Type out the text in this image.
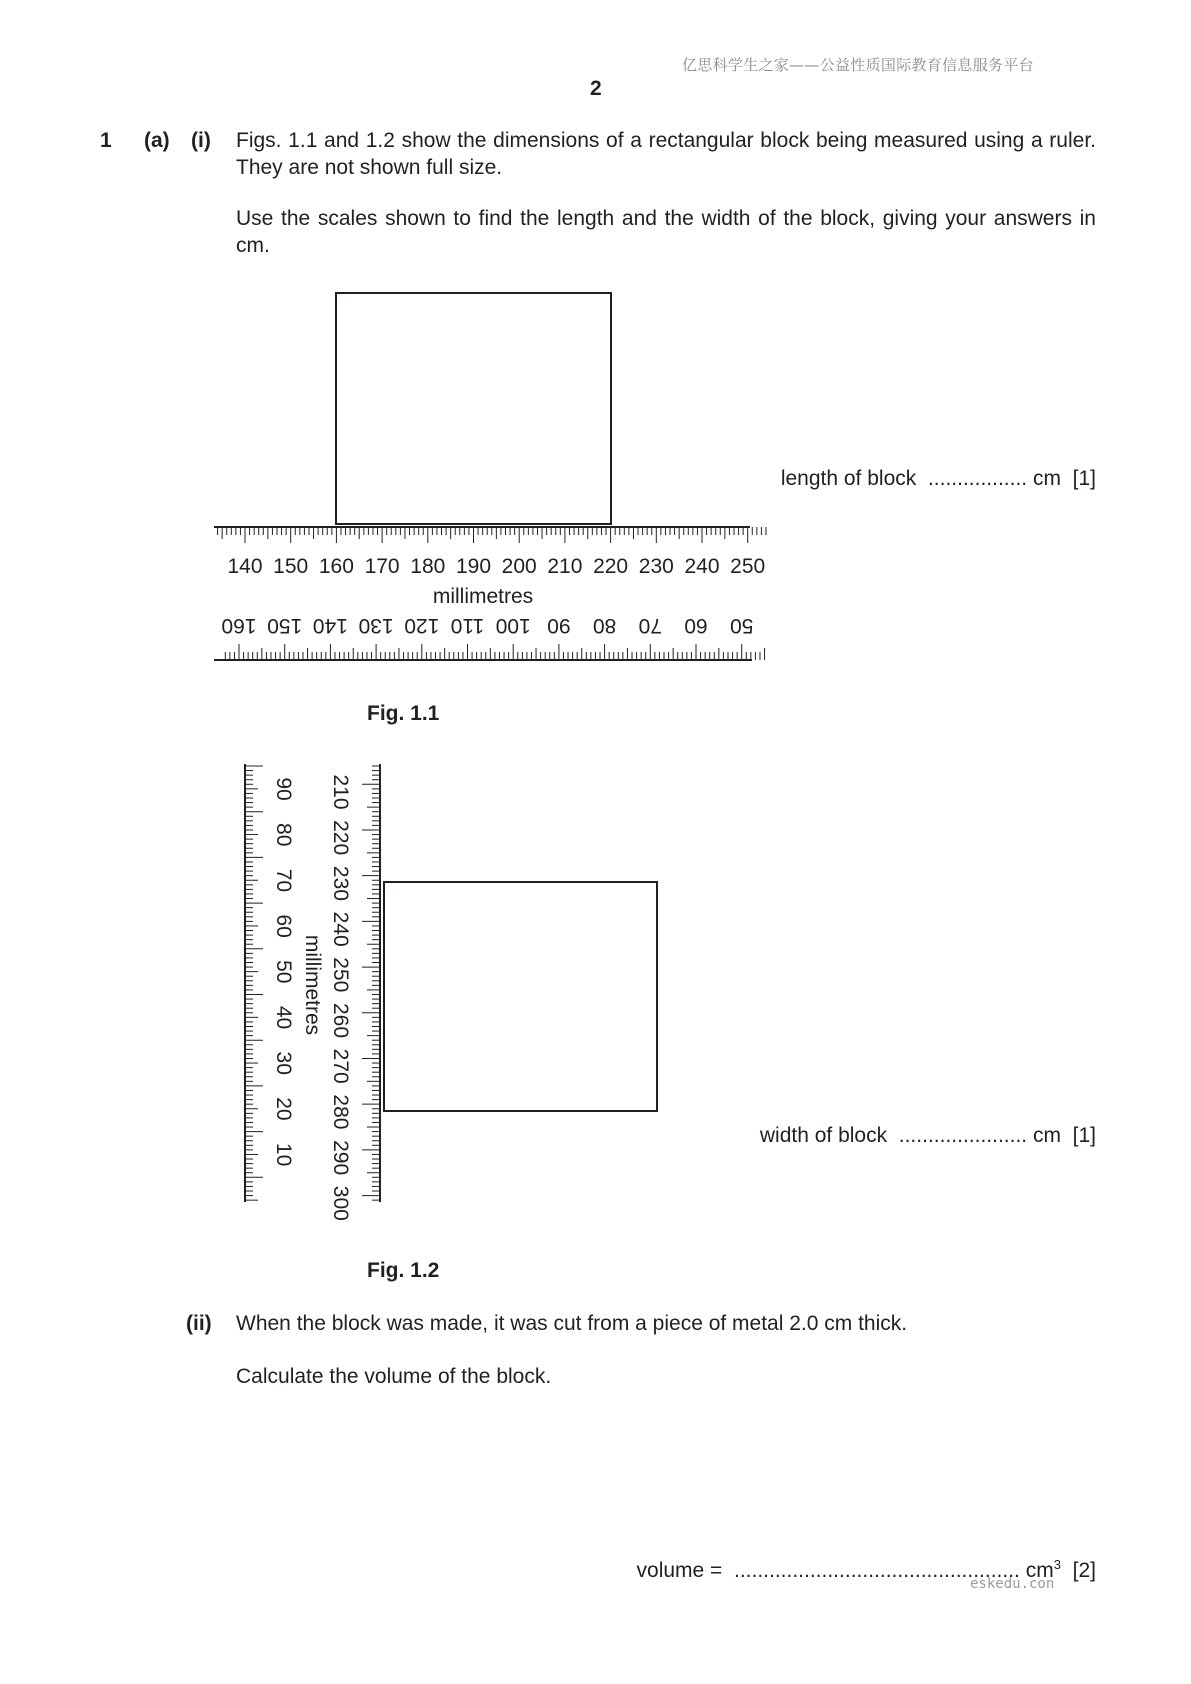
亿思科学生之家——公益性质国际教育信息服务平台
2
1 (a) (i) Figs. 1.1 and 1.2 show the dimensions of a rectangular block being measured using a ruler. They are not shown full size.
Use the scales shown to find the length and the width of the block, giving your answers in cm.
140 150 160 170 180 190 200 210 220 230 240 250
millimetres
160 150 140 130 120 110 100 90 80 70 60 50
90
80
70
60
50
40
30
20
10
210
220
230
240
250
260
270
280
290
300
millimetres
Fig. 1.1
length of block ................. cm [1]
Fig. 1.2
width of block ...................... cm [1]
(ii) When the block was made, it was cut from a piece of metal 2.0 cm thick.
Calculate the volume of the block.
volume = ................................................. $cm^3$ [2]
eskedu.con
